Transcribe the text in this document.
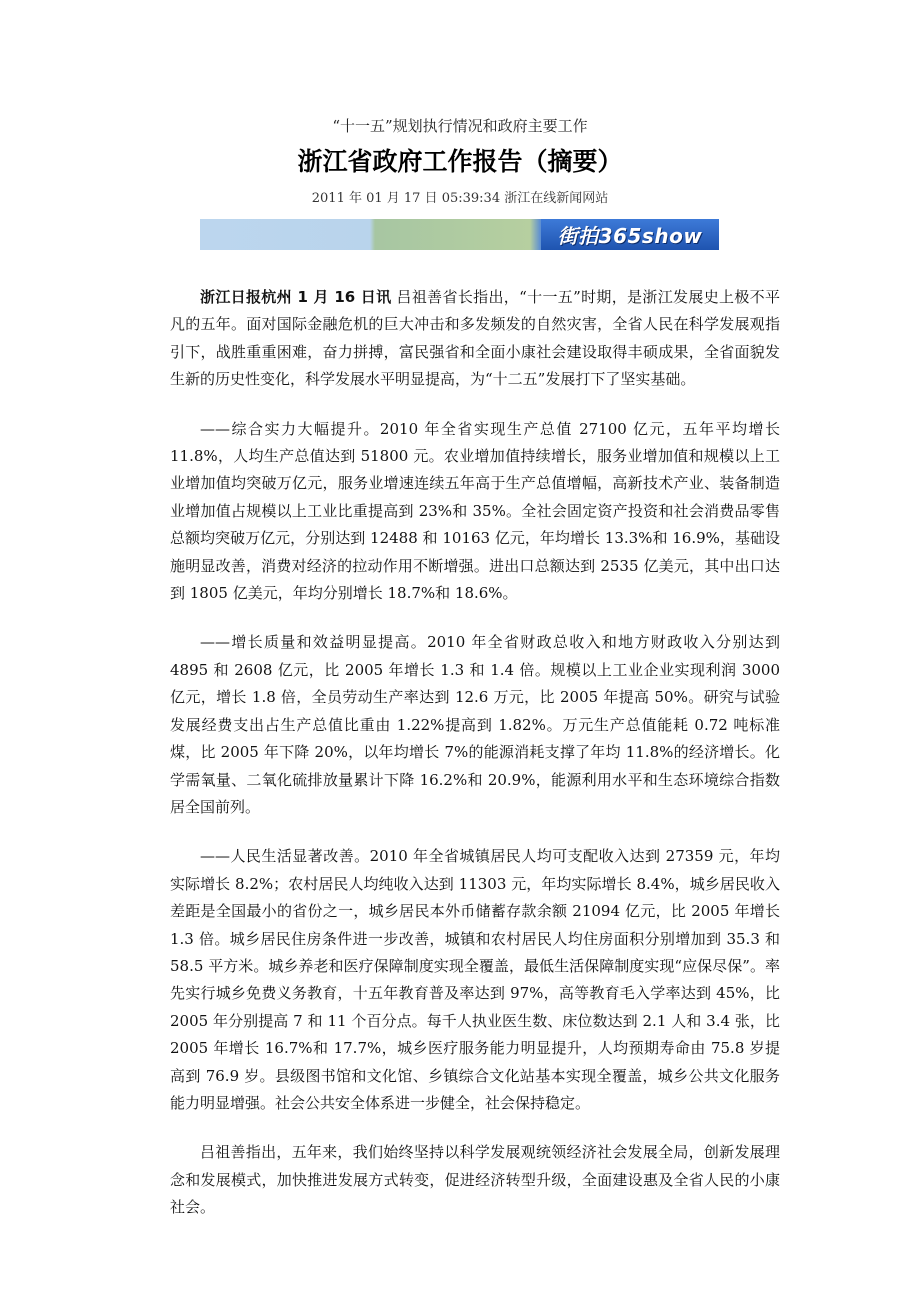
“十一五”规划执行情况和政府主要工作
浙江省政府工作报告（摘要）
2011 年 01 月 17 日 05:39:34 浙江在线新闻网站
街拍365show

浙江日报杭州 1 月 16 日讯 吕祖善省长指出，“十一五”时期，是浙江发展史上极不平凡的五年。面对国际金融危机的巨大冲击和多发频发的自然灾害，全省人民在科学发展观指引下，战胜重重困难，奋力拼搏，富民强省和全面小康社会建设取得丰硕成果，全省面貌发生新的历史性变化，科学发展水平明显提高，为“十二五”发展打下了坚实基础。

——综合实力大幅提升。2010 年全省实现生产总值 27100 亿元，五年平均增长 11.8%，人均生产总值达到 51800 元。农业增加值持续增长，服务业增加值和规模以上工业增加值均突破万亿元，服务业增速连续五年高于生产总值增幅，高新技术产业、装备制造业增加值占规模以上工业比重提高到 23%和 35%。全社会固定资产投资和社会消费品零售总额均突破万亿元，分别达到 12488 和 10163 亿元，年均增长 13.3%和 16.9%，基础设施明显改善，消费对经济的拉动作用不断增强。进出口总额达到 2535 亿美元，其中出口达到 1805 亿美元，年均分别增长 18.7%和 18.6%。

——增长质量和效益明显提高。2010 年全省财政总收入和地方财政收入分别达到 4895 和 2608 亿元，比 2005 年增长 1.3 和 1.4 倍。规模以上工业企业实现利润 3000 亿元，增长 1.8 倍，全员劳动生产率达到 12.6 万元，比 2005 年提高 50%。研究与试验发展经费支出占生产总值比重由 1.22%提高到 1.82%。万元生产总值能耗 0.72 吨标准煤，比 2005 年下降 20%，以年均增长 7%的能源消耗支撑了年均 11.8%的经济增长。化学需氧量、二氧化硫排放量累计下降 16.2%和 20.9%，能源利用水平和生态环境综合指数居全国前列。

——人民生活显著改善。2010 年全省城镇居民人均可支配收入达到 27359 元，年均实际增长 8.2%；农村居民人均纯收入达到 11303 元，年均实际增长 8.4%，城乡居民收入差距是全国最小的省份之一，城乡居民本外币储蓄存款余额 21094 亿元，比 2005 年增长 1.3 倍。城乡居民住房条件进一步改善，城镇和农村居民人均住房面积分别增加到 35.3 和 58.5 平方米。城乡养老和医疗保障制度实现全覆盖，最低生活保障制度实现“应保尽保”。率先实行城乡免费义务教育，十五年教育普及率达到 97%，高等教育毛入学率达到 45%，比 2005 年分别提高 7 和 11 个百分点。每千人执业医生数、床位数达到 2.1 人和 3.4 张，比 2005 年增长 16.7%和 17.7%，城乡医疗服务能力明显提升，人均预期寿命由 75.8 岁提高到 76.9 岁。县级图书馆和文化馆、乡镇综合文化站基本实现全覆盖，城乡公共文化服务能力明显增强。社会公共安全体系进一步健全，社会保持稳定。

吕祖善指出，五年来，我们始终坚持以科学发展观统领经济社会发展全局，创新发展理念和发展模式，加快推进发展方式转变，促进经济转型升级，全面建设惠及全省人民的小康社会。
